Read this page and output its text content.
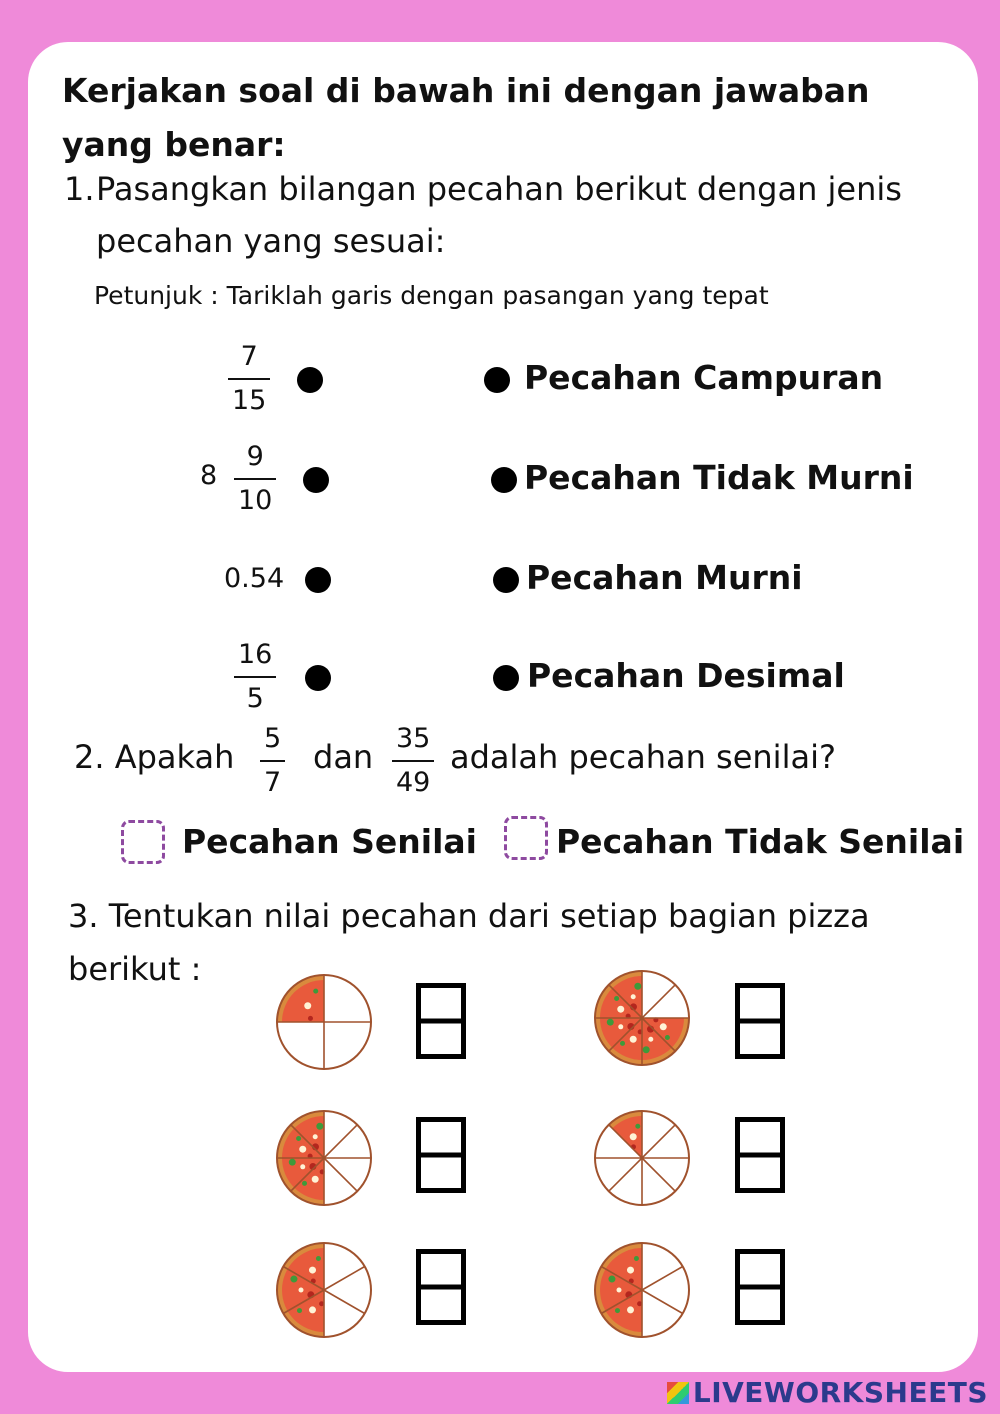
Kerjakan soal di bawah ini dengan jawaban yang benar:
1. Pasangkan bilangan pecahan berikut dengan jenis
pecahan yang sesuai:
Petunjuk : Tariklah garis dengan pasangan yang tepat
7
15
8
9
10
0.54
16
5
Pecahan Campuran
Pecahan Tidak Murni
Pecahan Murni
Pecahan Desimal
2. Apakah 5
7
dan 35
49
adalah pecahan senilai?
Pecahan Senilai Pecahan Tidak Senilai
3. Tentukan nilai pecahan dari setiap bagian pizza
berikut :
LIVEWORKSHEETS
